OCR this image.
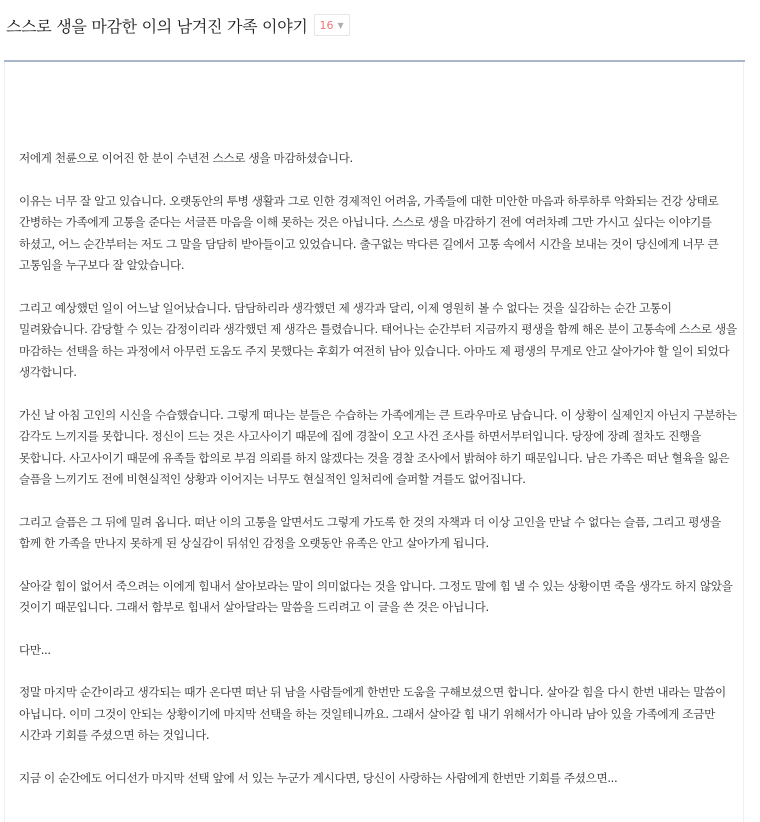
스스로 생을 마감한 이의 남겨진 가족 이야기 16 ▼

저에게 천륜으로 이어진 한 분이 수년전 스스로 생을 마감하셨습니다.

이유는 너무 잘 알고 있습니다. 오랫동안의 투병 생활과 그로 인한 경제적인 어려움, 가족들에 대한 미안한 마음과 하루하루 악화되는 건강 상태로 간병하는 가족에게 고통을 준다는 서글픈 마음을 이해 못하는 것은 아닙니다. 스스로 생을 마감하기 전에 여러차례 그만 가시고 싶다는 이야기를 하셨고, 어느 순간부터는 저도 그 말을 담담히 받아들이고 있었습니다. 출구없는 막다른 길에서 고통 속에서 시간을 보내는 것이 당신에게 너무 큰 고통임을 누구보다 잘 알았습니다.

그리고 예상했던 일이 어느날 일어났습니다. 담담하리라 생각했던 제 생각과 달리, 이제 영원히 볼 수 없다는 것을 실감하는 순간 고통이 밀려왔습니다. 감당할 수 있는 감정이리라 생각했던 제 생각은 틀렸습니다. 태어나는 순간부터 지금까지 평생을 함께 해온 분이 고통속에 스스로 생을 마감하는 선택을 하는 과정에서 아무런 도움도 주지 못했다는 후회가 여전히 남아 있습니다. 아마도 제 평생의 무게로 안고 살아가야 할 일이 되었다 생각합니다.

가신 날 아침 고인의 시신을 수습했습니다. 그렇게 떠나는 분들은 수습하는 가족에게는 큰 트라우마로 남습니다. 이 상황이 실제인지 아닌지 구분하는 감각도 느끼지를 못합니다. 정신이 드는 것은 사고사이기 때문에 집에 경찰이 오고 사건 조사를 하면서부터입니다. 당장에 장례 절차도 진행을 못합니다. 사고사이기 때문에 유족들 합의로 부검 의뢰를 하지 않겠다는 것을 경찰 조사에서 밝혀야 하기 때문입니다. 남은 가족은 떠난 혈육을 잃은 슬픔을 느끼기도 전에 비현실적인 상황과 이어지는 너무도 현실적인 일처리에 슬퍼할 겨를도 없어집니다.

그리고 슬픔은 그 뒤에 밀려 옵니다. 떠난 이의 고통을 알면서도 그렇게 가도록 한 것의 자책과 더 이상 고인을 만날 수 없다는 슬픔, 그리고 평생을 함께 한 가족을 만나지 못하게 된 상실감이 뒤섞인 감정을 오랫동안 유족은 안고 살아가게 됩니다.

살아갈 힘이 없어서 죽으려는 이에게 힘내서 살아보라는 말이 의미없다는 것을 압니다. 그정도 말에 힘 낼 수 있는 상황이면 죽을 생각도 하지 않았을 것이기 때문입니다. 그래서 함부로 힘내서 살아달라는 말씀을 드리려고 이 글을 쓴 것은 아닙니다.

다만...

정말 마지막 순간이라고 생각되는 때가 온다면 떠난 뒤 남을 사람들에게 한번만 도움을 구해보셨으면 합니다. 살아갈 힘을 다시 한번 내라는 말씀이 아닙니다. 이미 그것이 안되는 상황이기에 마지막 선택을 하는 것일테니까요. 그래서 살아갈 힘 내기 위해서가 아니라 남아 있을 가족에게 조금만 시간과 기회를 주셨으면 하는 것입니다.

지금 이 순간에도 어디선가 마지막 선택 앞에 서 있는 누군가 계시다면, 당신이 사랑하는 사람에게 한번만 기회를 주셨으면...
